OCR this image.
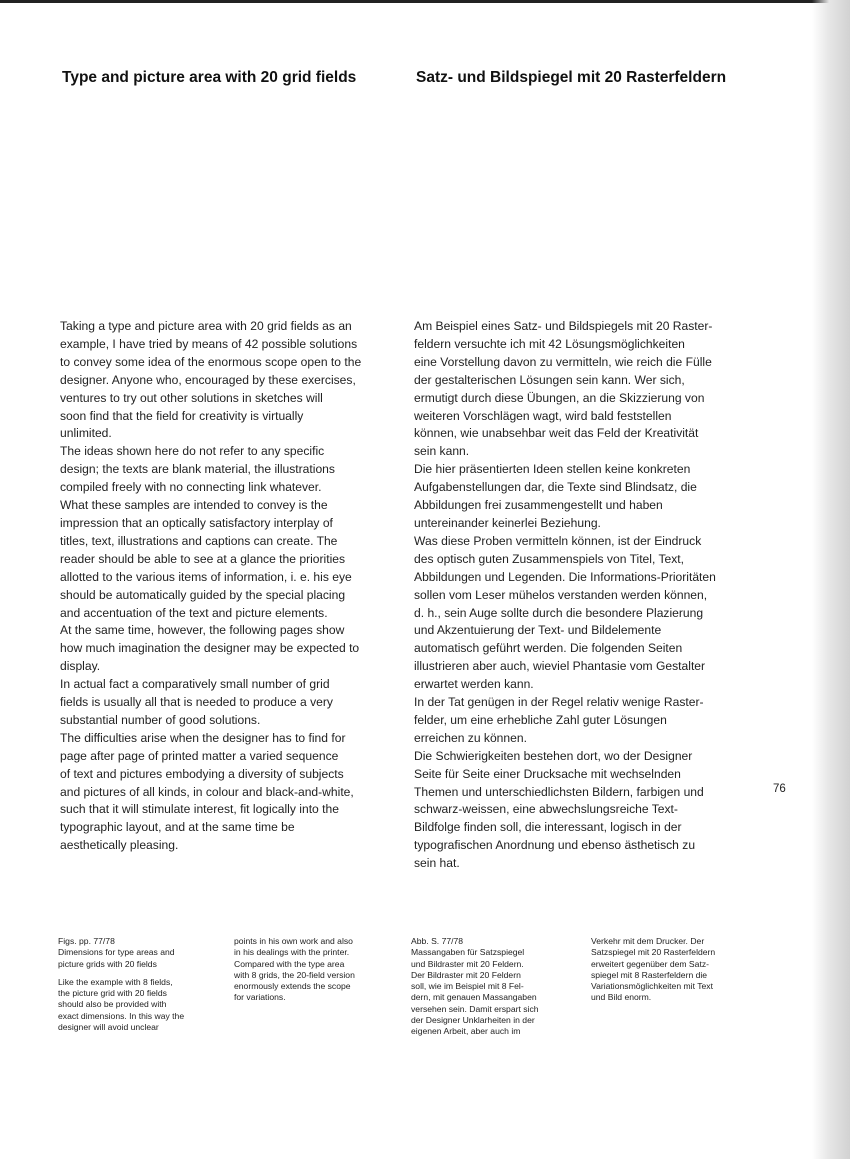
Type and picture area with 20 grid fields	Satz- und Bildspiegel mit 20 Rasterfeldern
Taking a type and picture area with 20 grid fields as an
example, I have tried by means of 42 possible solutions
to convey some idea of the enormous scope open to the
designer. Anyone who, encouraged by these exercises,
ventures to try out other solutions in sketches will
soon find that the field for creativity is virtually
unlimited.
The ideas shown here do not refer to any specific
design; the texts are blank material, the illustrations
compiled freely with no connecting link whatever.
What these samples are intended to convey is the
impression that an optically satisfactory interplay of
titles, text, illustrations and captions can create. The
reader should be able to see at a glance the priorities
allotted to the various items of information, i. e. his eye
should be automatically guided by the special placing
and accentuation of the text and picture elements.
At the same time, however, the following pages show
how much imagination the designer may be expected to
display.
In actual fact a comparatively small number of grid
fields is usually all that is needed to produce a very
substantial number of good solutions.
The difficulties arise when the designer has to find for
page after page of printed matter a varied sequence
of text and pictures embodying a diversity of subjects
and pictures of all kinds, in colour and black-and-white,
such that it will stimulate interest, fit logically into the
typographic layout, and at the same time be
aesthetically pleasing.
Am Beispiel eines Satz- und Bildspiegels mit 20 Raster-
feldern versuchte ich mit 42 Lösungsmöglichkeiten
eine Vorstellung davon zu vermitteln, wie reich die Fülle
der gestalterischen Lösungen sein kann. Wer sich,
ermutigt durch diese Übungen, an die Skizzierung von
weiteren Vorschlägen wagt, wird bald feststellen
können, wie unabsehbar weit das Feld der Kreativität
sein kann.
Die hier präsentierten Ideen stellen keine konkreten
Aufgabenstellungen dar, die Texte sind Blindsatz, die
Abbildungen frei zusammengestellt und haben
untereinander keinerlei Beziehung.
Was diese Proben vermitteln können, ist der Eindruck
des optisch guten Zusammenspiels von Titel, Text,
Abbildungen und Legenden. Die Informations-Prioritäten
sollen vom Leser mühelos verstanden werden können,
d. h., sein Auge sollte durch die besondere Plazierung
und Akzentuierung der Text- und Bildelemente
automatisch geführt werden. Die folgenden Seiten
illustrieren aber auch, wieviel Phantasie vom Gestalter
erwartet werden kann.
In der Tat genügen in der Regel relativ wenige Raster-
felder, um eine erhebliche Zahl guter Lösungen
erreichen zu können.
Die Schwierigkeiten bestehen dort, wo der Designer
Seite für Seite einer Drucksache mit wechselnden
Themen und unterschiedlichsten Bildern, farbigen und
schwarz-weissen, eine abwechslungsreiche Text-
Bildfolge finden soll, die interessant, logisch in der
typografischen Anordnung und ebenso ästhetisch zu
sein hat.
76

Figs. pp. 77/78
Dimensions for type areas and
picture grids with 20 fields

Like the example with 8 fields,
the picture grid with 20 fields
should also be provided with
exact dimensions. In this way the
designer will avoid unclear

points in his own work and also
in his dealings with the printer.
Compared with the type area
with 8 grids, the 20-field version
enormously extends the scope
for variations.

Abb. S. 77/78
Massangaben für Satzspiegel
und Bildraster mit 20 Feldern.
Der Bildraster mit 20 Feldern
soll, wie im Beispiel mit 8 Fel-
dern, mit genauen Massangaben
versehen sein. Damit erspart sich
der Designer Unklarheiten in der
eigenen Arbeit, aber auch im

Verkehr mit dem Drucker. Der
Satzspiegel mit 20 Rasterfeldern
erweitert gegenüber dem Satz-
spiegel mit 8 Rasterfeldern die
Variationsmöglichkeiten mit Text
und Bild enorm.
